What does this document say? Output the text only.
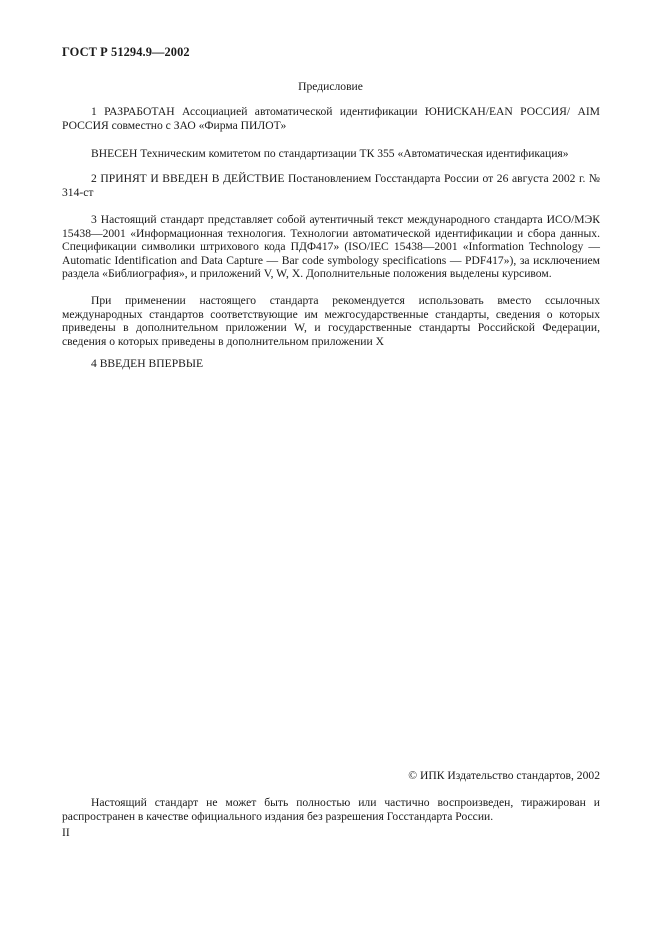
ГОСТ Р 51294.9—2002
Предисловие

1 РАЗРАБОТАН Ассоциацией автоматической идентификации ЮНИСКАН/EAN РОССИЯ/ AIM РОССИЯ совместно с ЗАО «Фирма ПИЛОТ»

ВНЕСЕН Техническим комитетом по стандартизации ТК 355 «Автоматическая идентификация»

2 ПРИНЯТ И ВВЕДЕН В ДЕЙСТВИЕ Постановлением Госстандарта России от 26 августа 2002 г. № 314-ст

3 Настоящий стандарт представляет собой аутентичный текст международного стандарта ИСО/МЭК 15438—2001 «Информационная технология. Технологии автоматической идентификации и сбора данных. Спецификации символики штрихового кода ПДФ417» (ISO/IEC 15438—2001 «Information Technology — Automatic Identification and Data Capture — Bar code symbology specifications — PDF417»), за исключением раздела «Библиография», и приложений V, W, X. Дополнительные положения выделены курсивом.

При применении настоящего стандарта рекомендуется использовать вместо ссылочных международных стандартов соответствующие им межгосударственные стандарты, сведения о которых приведены в дополнительном приложении W, и государственные стандарты Российской Федерации, сведения о которых приведены в дополнительном приложении X

4 ВВЕДЕН ВПЕРВЫЕ

© ИПК Издательство стандартов, 2002

Настоящий стандарт не может быть полностью или частично воспроизведен, тиражирован и распространен в качестве официального издания без разрешения Госстандарта России.

II
